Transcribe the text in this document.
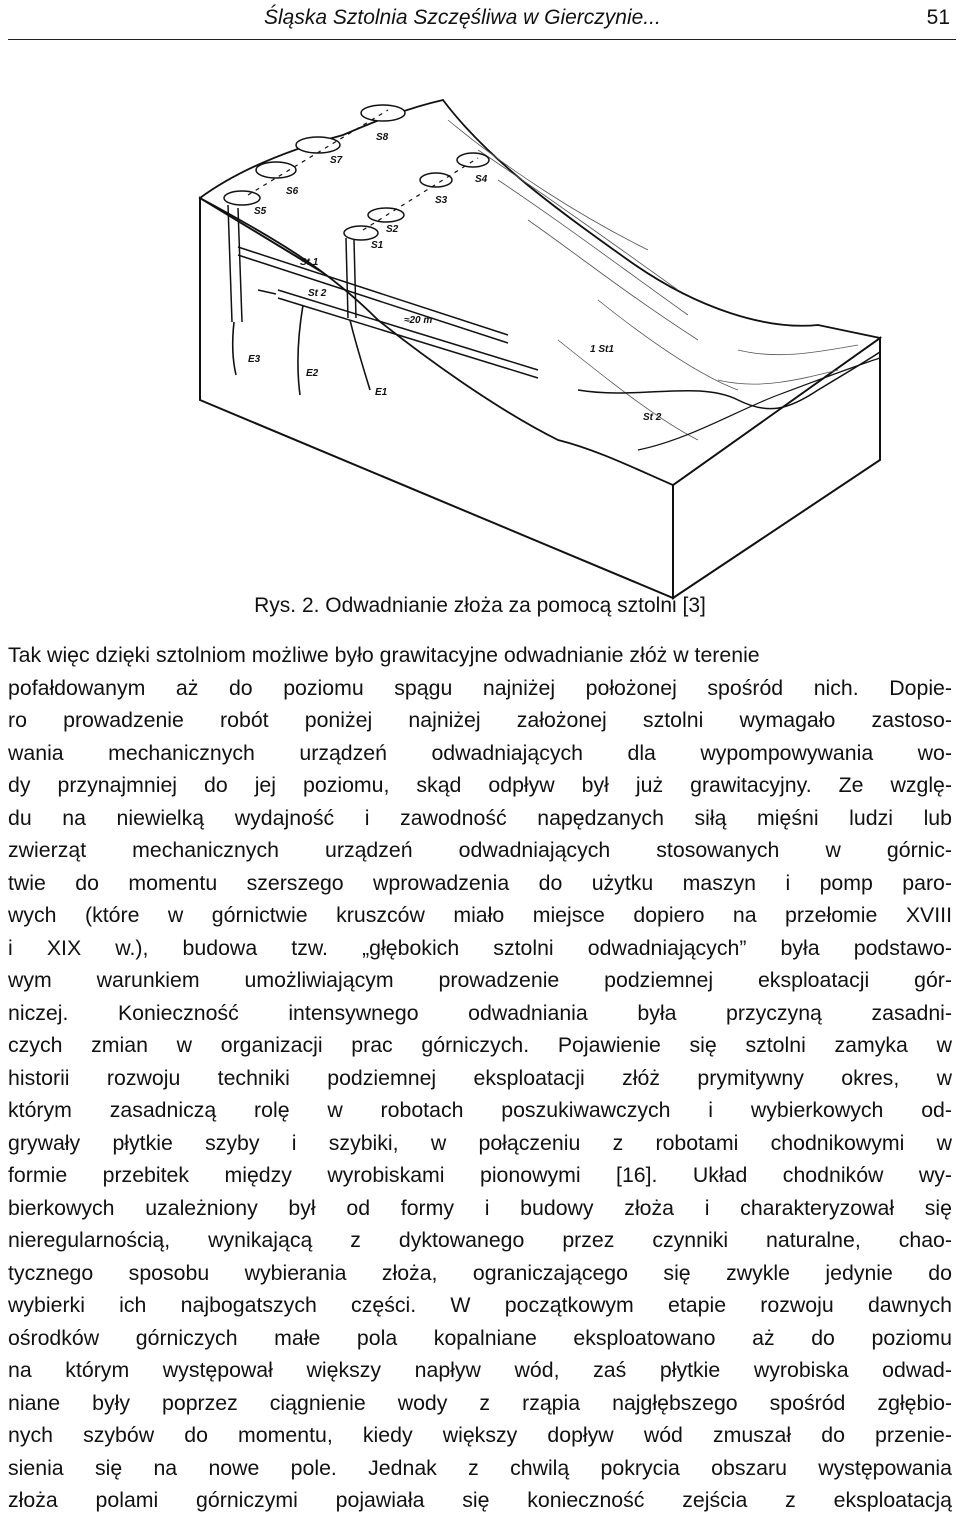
Śląska Sztolnia Szczęśliwa w Gierczynie...	51
S8
S7
S6
S5
S4
S3
S2
S1
St 1
St 2
≈20 m
E3
E2
E1
1 St1
St 2
Rys. 2. Odwadnianie złoża za pomocą sztolni [3]
Tak więc dzięki sztolniom możliwe było grawitacyjne odwadnianie złóż w terenie
pofałdowanym aż do poziomu spągu najniżej położonej spośród nich. Dopie-
ro prowadzenie robót poniżej najniżej założonej sztolni wymagało zastoso-
wania mechanicznych urządzeń odwadniających dla wypompowywania wo-
dy przynajmniej do jej poziomu, skąd odpływ był już grawitacyjny. Ze wzglę-
du na niewielką wydajność i zawodność napędzanych siłą mięśni ludzi lub
zwierząt mechanicznych urządzeń odwadniających stosowanych w górnic-
twie do momentu szerszego wprowadzenia do użytku maszyn i pomp paro-
wych (które w górnictwie kruszców miało miejsce dopiero na przełomie XVIII
i XIX w.), budowa tzw. „głębokich sztolni odwadniających” była podstawo-
wym warunkiem umożliwiającym prowadzenie podziemnej eksploatacji gór-
niczej. Konieczność intensywnego odwadniania była przyczyną zasadni-
czych zmian w organizacji prac górniczych. Pojawienie się sztolni zamyka w
historii rozwoju techniki podziemnej eksploatacji złóż prymitywny okres, w
którym zasadniczą rolę w robotach poszukiwawczych i wybierkowych od-
grywały płytkie szyby i szybiki, w połączeniu z robotami chodnikowymi w
formie przebitek między wyrobiskami pionowymi [16]. Układ chodników wy-
bierkowych uzależniony był od formy i budowy złoża i charakteryzował się
nieregularnością, wynikającą z dyktowanego przez czynniki naturalne, chao-
tycznego sposobu wybierania złoża, ograniczającego się zwykle jedynie do
wybierki ich najbogatszych części. W początkowym etapie rozwoju dawnych
ośrodków górniczych małe pola kopalniane eksploatowano aż do poziomu
na którym występował większy napływ wód, zaś płytkie wyrobiska odwad-
niane były poprzez ciągnienie wody z rząpia najgłębszego spośród zgłębio-
nych szybów do momentu, kiedy większy dopływ wód zmuszał do przenie-
sienia się na nowe pole. Jednak z chwilą pokrycia obszaru występowania
złoża polami górniczymi pojawiała się konieczność zejścia z eksploatacją
